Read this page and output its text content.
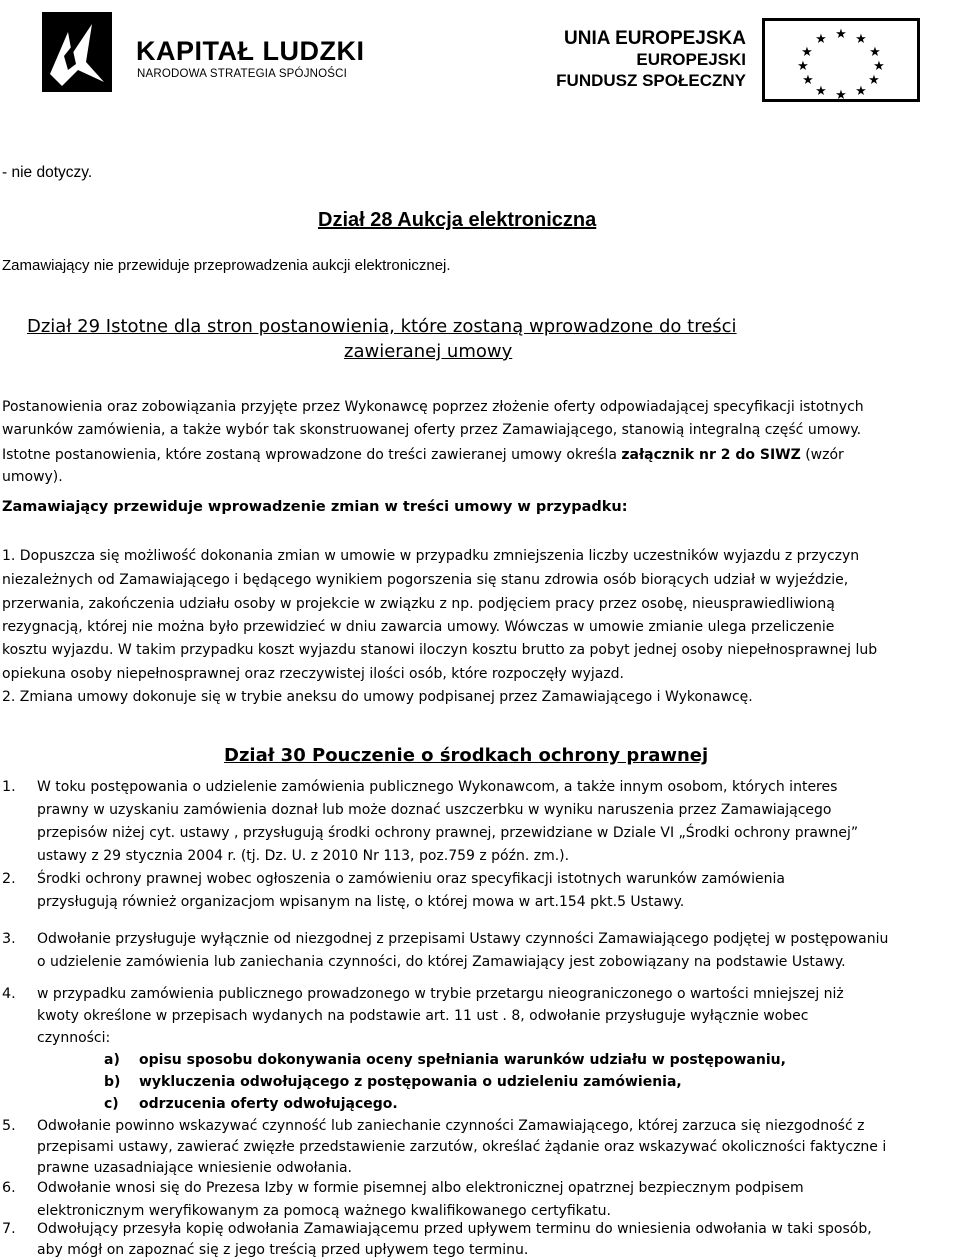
KAPITAŁ LUDZKI
NARODOWA STRATEGIA SPÓJNOŚCI
UNIA EUROPEJSKA
EUROPEJSKI
FUNDUSZ SPOŁECZNY
★ ★
★
★
★
★
★
★
★
★
★
★
- nie dotyczy.
Dział 28 Aukcja elektroniczna
Zamawiający nie przewiduje przeprowadzenia aukcji elektronicznej.
Dział 29 Istotne dla stron postanowienia, które zostaną wprowadzone do treści
zawieranej umowy
Postanowienia oraz zobowiązania przyjęte przez Wykonawcę poprzez złożenie oferty odpowiadającej specyfikacji istotnych
warunków zamówienia, a także wybór tak skonstruowanej oferty przez Zamawiającego, stanowią integralną część umowy.
Istotne postanowienia, które zostaną wprowadzone do treści zawieranej umowy określa załącznik nr 2 do SIWZ (wzór
umowy).
Zamawiający przewiduje wprowadzenie zmian w treści umowy w przypadku:
1. Dopuszcza się możliwość dokonania zmian w umowie w przypadku zmniejszenia liczby uczestników wyjazdu z przyczyn
niezależnych od Zamawiającego i będącego wynikiem pogorszenia się stanu zdrowia osób biorących udział w wyjeździe,
przerwania, zakończenia udziału osoby w projekcie w związku z np. podjęciem pracy przez osobę, nieusprawiedliwioną
rezygnacją, której nie można było przewidzieć w dniu zawarcia umowy. Wówczas w umowie zmianie ulega przeliczenie
kosztu wyjazdu. W takim przypadku koszt wyjazdu stanowi iloczyn kosztu brutto za pobyt jednej osoby niepełnosprawnej lub
opiekuna osoby niepełnosprawnej oraz rzeczywistej ilości osób, które rozpoczęły wyjazd.
2. Zmiana umowy dokonuje się w trybie aneksu do umowy podpisanej przez Zamawiającego i Wykonawcę.
Dział 30 Pouczenie o środkach ochrony prawnej
1. W toku postępowania o udzielenie zamówienia publicznego Wykonawcom, a także innym osobom, których interes
prawny w uzyskaniu zamówienia doznał lub może doznać uszczerbku w wyniku naruszenia przez Zamawiającego
przepisów niżej cyt. ustawy , przysługują środki ochrony prawnej, przewidziane w Dziale VI „Środki ochrony prawnej”
ustawy z 29 stycznia 2004 r. (tj. Dz. U. z 2010 Nr 113, poz.759 z późn. zm.).
2. Środki ochrony prawnej wobec ogłoszenia o zamówieniu oraz specyfikacji istotnych warunków zamówienia
przysługują również organizacjom wpisanym na listę, o której mowa w art.154 pkt.5 Ustawy.
3. Odwołanie przysługuje wyłącznie od niezgodnej z przepisami Ustawy czynności Zamawiającego podjętej w postępowaniu
o udzielenie zamówienia lub zaniechania czynności, do której Zamawiający jest zobowiązany na podstawie Ustawy.
4. w przypadku zamówienia publicznego prowadzonego w trybie przetargu nieograniczonego o wartości mniejszej niż
kwoty określone w przepisach wydanych na podstawie art. 11 ust . 8, odwołanie przysługuje wyłącznie wobec
czynności:
a) opisu sposobu dokonywania oceny spełniania warunków udziału w postępowaniu,
b) wykluczenia odwołującego z postępowania o udzieleniu zamówienia,
c) odrzucenia oferty odwołującego.
5. Odwołanie powinno wskazywać czynność lub zaniechanie czynności Zamawiającego, której zarzuca się niezgodność z
przepisami ustawy, zawierać zwięzłe przedstawienie zarzutów, określać żądanie oraz wskazywać okoliczności faktyczne i
prawne uzasadniające wniesienie odwołania.
6. Odwołanie wnosi się do Prezesa Izby w formie pisemnej albo elektronicznej opatrznej bezpiecznym podpisem
elektronicznym weryfikowanym za pomocą ważnego kwalifikowanego certyfikatu.
7. Odwołujący przesyła kopię odwołania Zamawiającemu przed upływem terminu do wniesienia odwołania w taki sposób,
aby mógł on zapoznać się z jego treścią przed upływem tego terminu.
